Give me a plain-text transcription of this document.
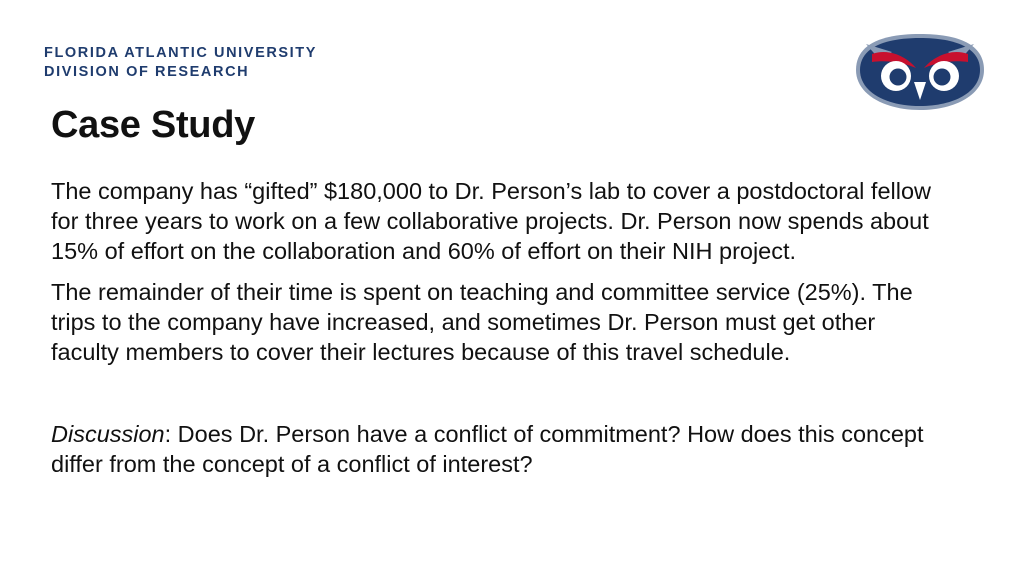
FLORIDA ATLANTIC UNIVERSITY
DIVISION OF RESEARCH
Case Study

The company has “gifted” $180,000 to Dr. Person’s lab to cover a postdoctoral fellow for three years to work on a few collaborative projects. Dr. Person now spends about 15% of effort on the collaboration and 60% of effort on their NIH project.

The remainder of their time is spent on teaching and committee service (25%). The trips to the company have increased, and sometimes Dr. Person must get other faculty members to cover their lectures because of this travel schedule.

Discussion: Does Dr. Person have a conflict of commitment? How does this concept differ from the concept of a conflict of interest?
